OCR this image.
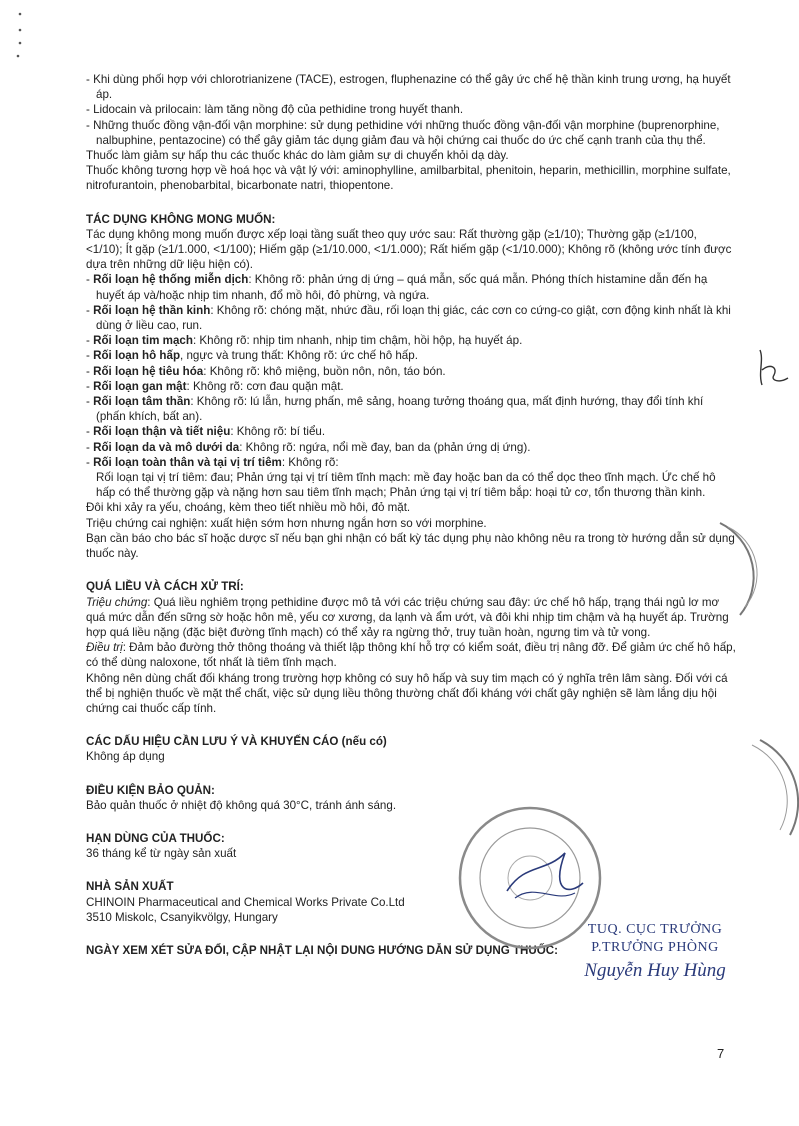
- Khi dùng phối hợp với chlorotrianizene (TACE), estrogen, fluphenazine có thể gây ức chế hệ thần kinh trung ương, hạ huyết áp.

- Lidocain và prilocain: làm tăng nồng độ của pethidine trong huyết thanh.

- Những thuốc đồng vận-đối vận morphine: sử dụng pethidine với những thuốc đồng vận-đối vận morphine (buprenorphine, nalbuphine, pentazocine) có thể gây giảm tác dụng giảm đau và hội chứng cai thuốc do ức chế cạnh tranh của thụ thể.

Thuốc làm giảm sự hấp thu các thuốc khác do làm giảm sự di chuyển khỏi dạ dày.

Thuốc không tương hợp về hoá học và vật lý với: aminophylline, amilbarbital, phenitoin, heparin, methicillin, morphine sulfate, nitrofurantoin, phenobarbital, bicarbonate natri, thiopentone.

TÁC DỤNG KHÔNG MONG MUỐN:

Tác dụng không mong muốn được xếp loại tầng suất theo quy ước sau: Rất thường gặp (≥1/10); Thường gặp (≥1/100, <1/10); Ít gặp (≥1/1.000, <1/100); Hiếm gặp (≥1/10.000, <1/1.000); Rất hiếm gặp (<1/10.000); Không rõ (không ước tính được dựa trên những dữ liệu hiện có).

- Rối loạn hệ thống miễn dịch: Không rõ: phản ứng dị ứng – quá mẫn, sốc quá mẫn. Phóng thích histamine dẫn đến hạ huyết áp và/hoặc nhịp tim nhanh, đổ mồ hôi, đỏ phừng, và ngứa.

- Rối loạn hệ thần kinh: Không rõ: chóng mặt, nhức đầu, rối loạn thị giác, các cơn co cứng-co giật, cơn động kinh nhất là khi dùng ở liều cao, run.

- Rối loạn tim mạch: Không rõ: nhịp tim nhanh, nhịp tim chậm, hồi hộp, hạ huyết áp.

- Rối loạn hô hấp, ngực và trung thất: Không rõ: ức chế hô hấp.

- Rối loạn hệ tiêu hóa: Không rõ: khô miệng, buồn nôn, nôn, táo bón.

- Rối loạn gan mật: Không rõ: cơn đau quặn mật.

- Rối loạn tâm thần: Không rõ: lú lẫn, hưng phấn, mê sảng, hoang tưởng thoáng qua, mất định hướng, thay đổi tính khí (phấn khích, bất an).

- Rối loạn thận và tiết niệu: Không rõ: bí tiểu.

- Rối loạn da và mô dưới da: Không rõ: ngứa, nổi mề đay, ban da (phản ứng dị ứng).

- Rối loạn toàn thân và tại vị trí tiêm: Không rõ:

Rối loạn tại vị trí tiêm: đau; Phản ứng tại vị trí tiêm tĩnh mạch: mề đay hoặc ban da có thể dọc theo tĩnh mạch. Ức chế hô hấp có thể thường gặp và nặng hơn sau tiêm tĩnh mạch; Phản ứng tại vị trí tiêm bắp: hoại tử cơ, tổn thương thần kinh.

Đôi khi xảy ra yếu, choáng, kèm theo tiết nhiều mồ hôi, đỏ mặt.

Triệu chứng cai nghiện: xuất hiện sớm hơn nhưng ngắn hơn so với morphine.

Bạn cần báo cho bác sĩ hoặc dược sĩ nếu bạn ghi nhận có bất kỳ tác dụng phụ nào không nêu ra trong tờ hướng dẫn sử dụng thuốc này.

QUÁ LIỀU VÀ CÁCH XỬ TRÍ:

Triệu chứng: Quá liều nghiêm trọng pethidine được mô tả với các triệu chứng sau đây: ức chế hô hấp, trạng thái ngủ lơ mơ quá mức dẫn đến sững sờ hoặc hôn mê, yếu cơ xương, da lạnh và ẩm ướt, và đôi khi nhịp tim chậm và hạ huyết áp. Trường hợp quá liều nặng (đặc biệt đường tĩnh mạch) có thể xảy ra ngừng thở, truy tuần hoàn, ngưng tim và tử vong.

Điều trị: Đảm bảo đường thở thông thoáng và thiết lập thông khí hỗ trợ có kiểm soát, điều trị nâng đỡ. Để giảm ức chế hô hấp, có thể dùng naloxone, tốt nhất là tiêm tĩnh mạch.

Không nên dùng chất đối kháng trong trường hợp không có suy hô hấp và suy tim mạch có ý nghĩa trên lâm sàng. Đối với cá thể bị nghiện thuốc về mặt thể chất, việc sử dụng liều thông thường chất đối kháng với chất gây nghiện sẽ làm lắng dịu hội chứng cai thuốc cấp tính.

CÁC DẤU HIỆU CẦN LƯU Ý VÀ KHUYẾN CÁO (nếu có)

Không áp dụng

ĐIỀU KIỆN BẢO QUẢN:

Bảo quản thuốc ở nhiệt độ không quá 30°C, tránh ánh sáng.

HẠN DÙNG CỦA THUỐC:

36 tháng kể từ ngày sản xuất

NHÀ SẢN XUẤT

CHINOIN Pharmaceutical and Chemical Works Private Co.Ltd

3510 Miskolc, Csanyikvölgy, Hungary

NGÀY XEM XÉT SỬA ĐỔI, CẬP NHẬT LẠI NỘI DUNG HƯỚNG DẪN SỬ DỤNG THUỐC:

TUQ. CỤC TRƯỞNG
P.TRƯỞNG PHÒNG
Nguyễn Huy Hùng
7
